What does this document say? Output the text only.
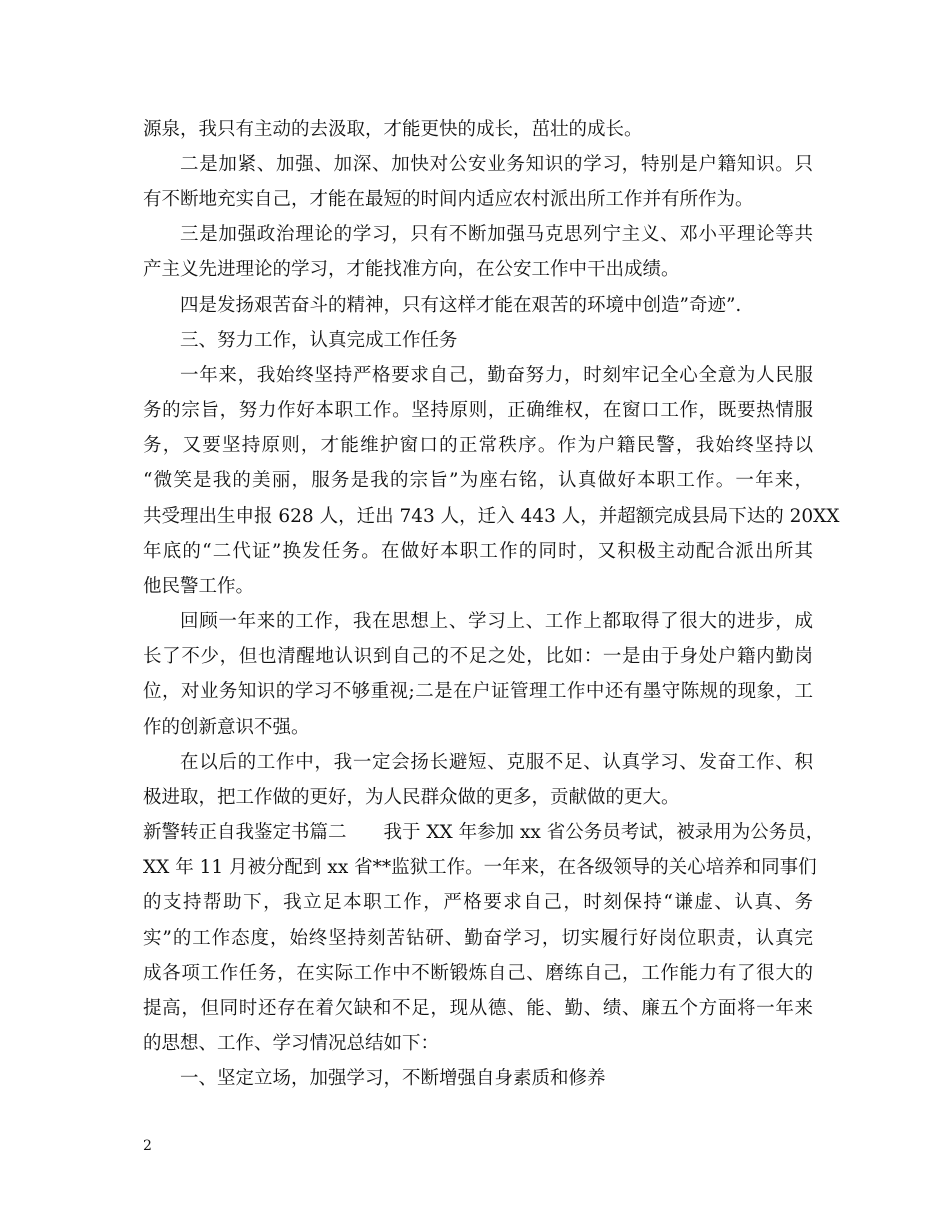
源泉，我只有主动的去汲取，才能更快的成长，茁壮的成长。
二是加紧、加强、加深、加快对公安业务知识的学习，特别是户籍知识。只
有不断地充实自己，才能在最短的时间内适应农村派出所工作并有所作为。
三是加强政治理论的学习，只有不断加强马克思列宁主义、邓小平理论等共
产主义先进理论的学习，才能找准方向，在公安工作中干出成绩。
四是发扬艰苦奋斗的精神，只有这样才能在艰苦的环境中创造”奇迹”.
三、努力工作，认真完成工作任务
一年来，我始终坚持严格要求自己，勤奋努力，时刻牢记全心全意为人民服
务的宗旨，努力作好本职工作。坚持原则，正确维权，在窗口工作，既要热情服
务，又要坚持原则，才能维护窗口的正常秩序。作为户籍民警，我始终坚持以
“微笑是我的美丽，服务是我的宗旨”为座右铭，认真做好本职工作。一年来，
共受理出生申报 628 人，迁出 743 人，迁入 443 人，并超额完成县局下达的 20XX
年底的“二代证”换发任务。在做好本职工作的同时，又积极主动配合派出所其
他民警工作。
回顾一年来的工作，我在思想上、学习上、工作上都取得了很大的进步，成
长了不少，但也清醒地认识到自己的不足之处，比如：一是由于身处户籍内勤岗
位，对业务知识的学习不够重视;二是在户证管理工作中还有墨守陈规的现象，工
作的创新意识不强。
在以后的工作中，我一定会扬长避短、克服不足、认真学习、发奋工作、积
极进取，把工作做的更好，为人民群众做的更多，贡献做的更大。
新警转正自我鉴定书篇二　　我于 XX 年参加 xx 省公务员考试，被录用为公务员，
XX 年 11 月被分配到 xx 省**监狱工作。一年来，在各级领导的关心培养和同事们
的支持帮助下，我立足本职工作，严格要求自己，时刻保持“谦虚、认真、务
实”的工作态度，始终坚持刻苦钻研、勤奋学习，切实履行好岗位职责，认真完
成各项工作任务，在实际工作中不断锻炼自己、磨练自己，工作能力有了很大的
提高，但同时还存在着欠缺和不足，现从德、能、勤、绩、廉五个方面将一年来
的思想、工作、学习情况总结如下：
一、坚定立场，加强学习，不断增强自身素质和修养
2
